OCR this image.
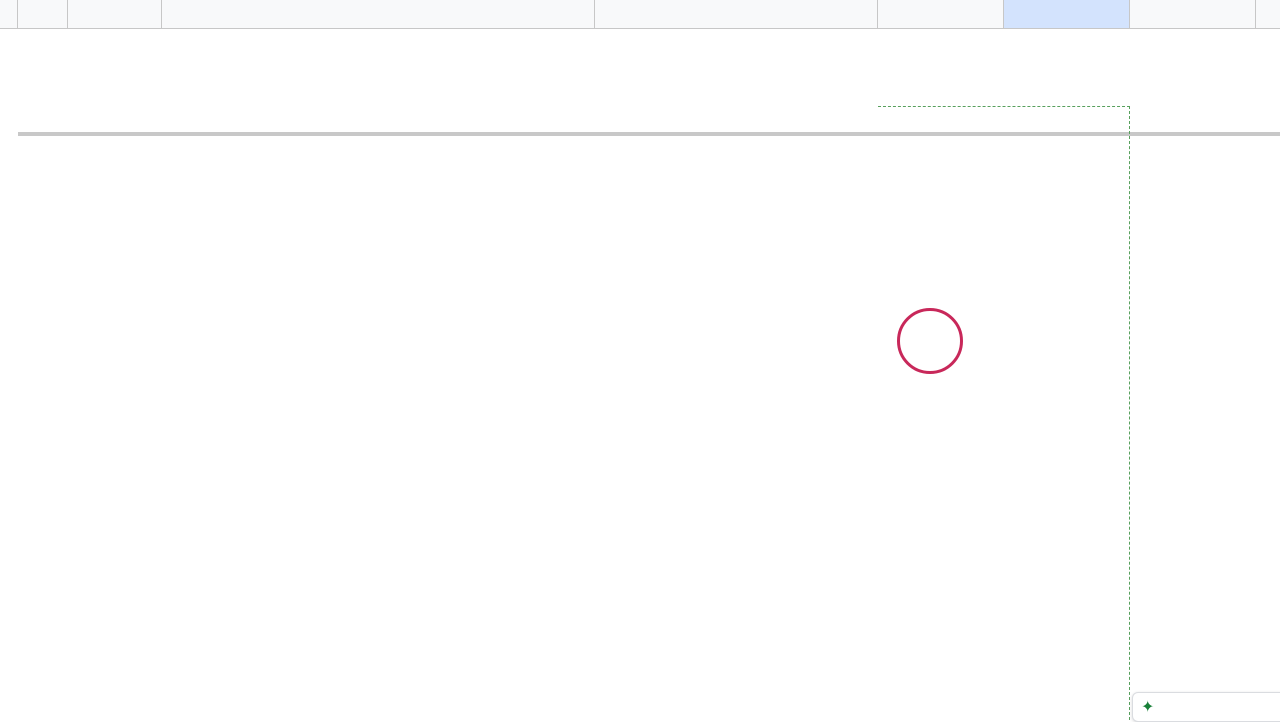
✦
